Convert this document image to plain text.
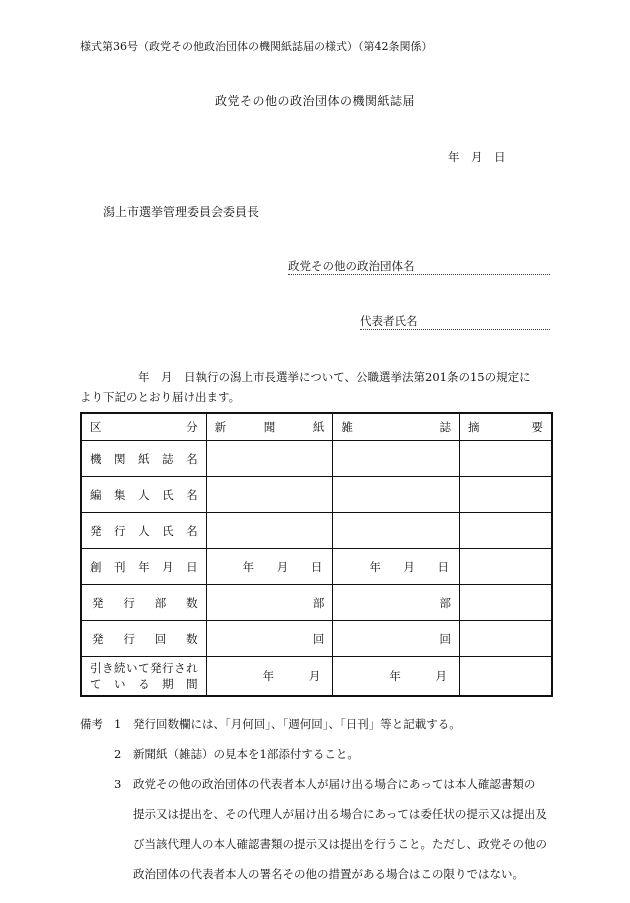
様式第36号（政党その他政治団体の機関紙誌届の様式）（第42条関係）
政党その他の政治団体の機関紙誌届
年　月　日
潟上市選挙管理委員会委員長
政党その他の政治団体名
代表者氏名
年　月　日執行の潟上市長選挙について、公職選挙法第201条の15の規定に
より下記のとおり届け出ます。
区分	新聞紙	雑誌	摘要
機関紙誌名			
編集人氏名			
発行人氏名			
創刊年月日	年　月　日	年　月　日	
発行部数	部	部	
発行回数	回	回	

引き続いて発行され
ている期間	年　月	年　月	
備考 1 発行回数欄には、「月何回」、「週何回」、「日刊」等と記載する。
2 新聞紙（雑誌）の見本を1部添付すること。
3 政党その他の政治団体の代表者本人が届け出る場合にあっては本人確認書類の
提示又は提出を、その代理人が届け出る場合にあっては委任状の提示又は提出及
び当該代理人の本人確認書類の提示又は提出を行うこと。ただし、政党その他の
政治団体の代表者本人の署名その他の措置がある場合はこの限りではない。
